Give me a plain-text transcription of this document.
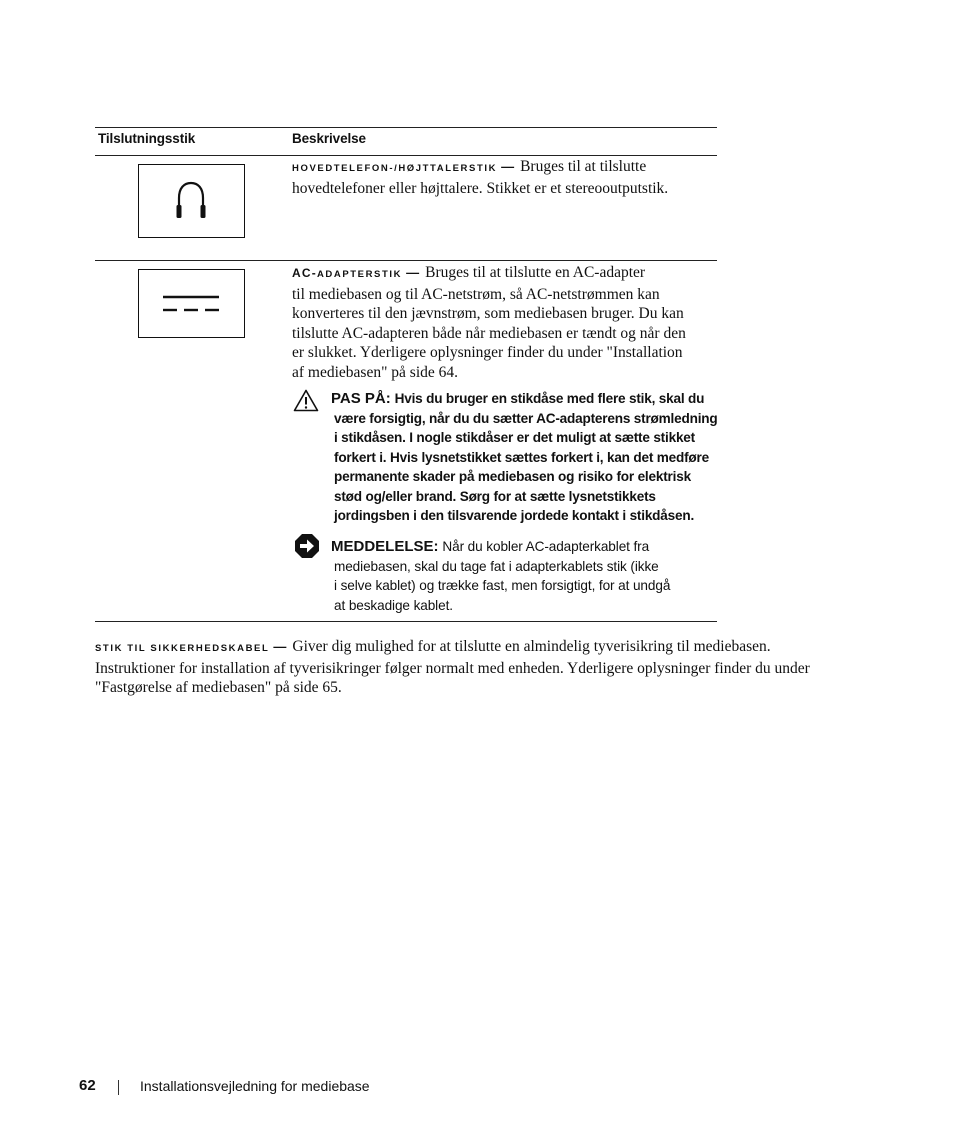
Tilslutningsstik	Beskrivelse
HOVEDTELEFON-/HØJTTALERSTIK — Bruges til at tilslutte
hovedtelefoner eller højttalere. Stikket er et stereooutputstik.
AC-ADAPTERSTIK — Bruges til at tilslutte en AC-adapter
til mediebasen og til AC-netstrøm, så AC-netstrømmen kan
konverteres til den jævnstrøm, som mediebasen bruger. Du kan
tilslutte AC-adapteren både når mediebasen er tændt og når den
er slukket. Yderligere oplysninger finder du under "Installation
af mediebasen" på side 64.
PAS PÅ: Hvis du bruger en stikdåse med flere stik, skal du
være forsigtig, når du du sætter AC-adapterens strømledning
i stikdåsen. I nogle stikdåser er det muligt at sætte stikket
forkert i. Hvis lysnetstikket sættes forkert i, kan det medføre
permanente skader på mediebasen og risiko for elektrisk
stød og/eller brand. Sørg for at sætte lysnetstikkets
jordingsben i den tilsvarende jordede kontakt i stikdåsen.
MEDDELELSE: Når du kobler AC-adapterkablet fra
mediebasen, skal du tage fat i adapterkablets stik (ikke
i selve kablet) og trække fast, men forsigtigt, for at undgå
at beskadige kablet.
STIK TIL SIKKERHEDSKABEL — Giver dig mulighed for at tilslutte en almindelig tyverisikring til mediebasen.
Instruktioner for installation af tyverisikringer følger normalt med enheden. Yderligere oplysninger finder du under
"Fastgørelse af mediebasen" på side 65.
62	Installationsvejledning for mediebase
